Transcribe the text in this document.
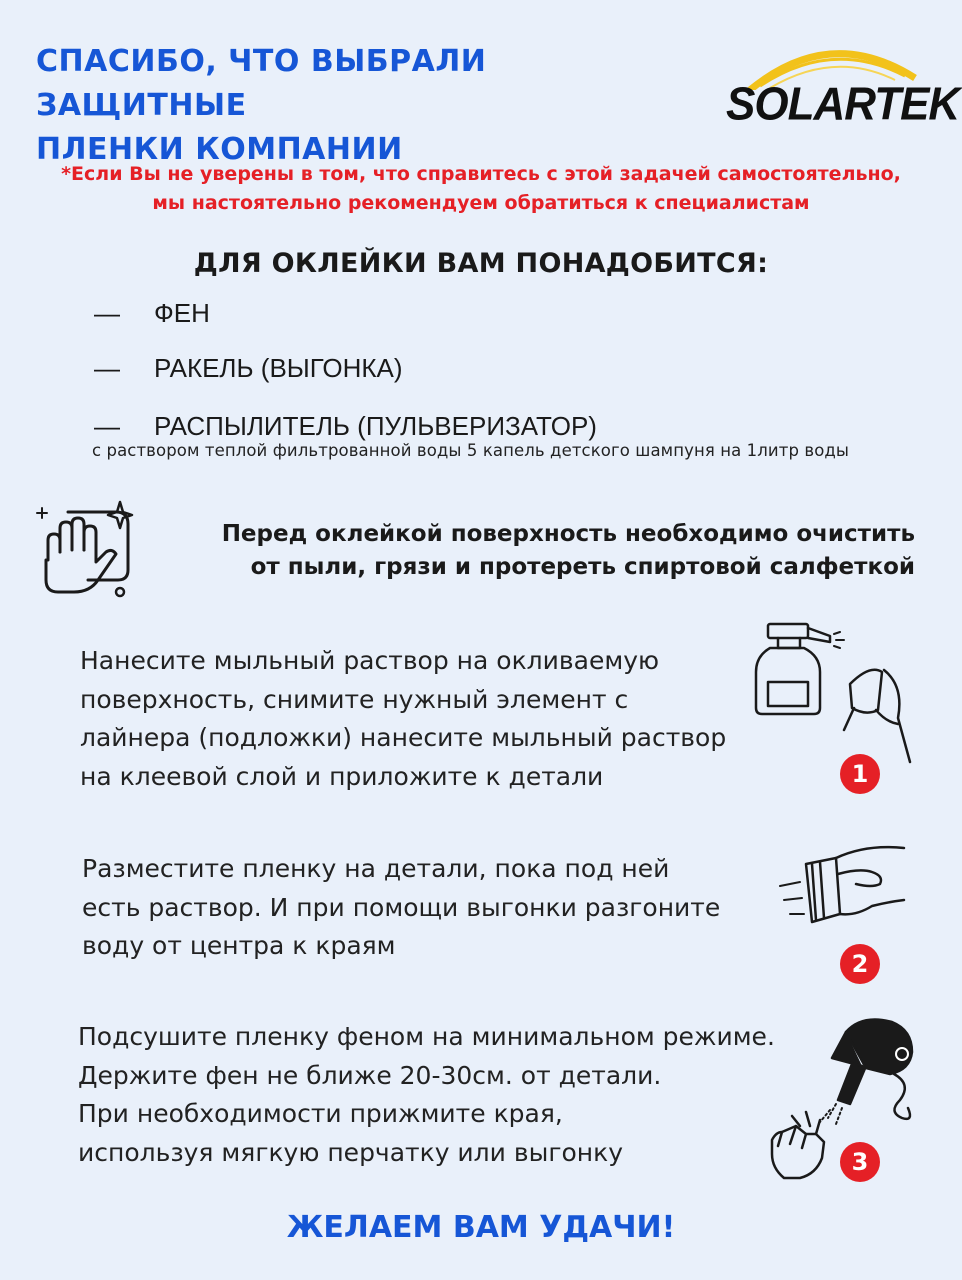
СПАСИБО, ЧТО ВЫБРАЛИ ЗАЩИТНЫЕ
ПЛЕНКИ КОМПАНИИ
SOLARTEK
*Если Вы не уверены в том, что справитесь с этой задачей самостоятельно,
мы настоятельно рекомендуем обратиться к специалистам
ДЛЯ ОКЛЕЙКИ ВАМ ПОНАДОБИТСЯ:
— ФЕН
— РАКЕЛЬ (ВЫГОНКА)
— РАСПЫЛИТЕЛЬ (ПУЛЬВЕРИЗАТОР)
с раствором теплой фильтрованной воды 5 капель детского шампуня на 1литр воды
Перед оклейкой поверхность необходимо очистить
от пыли, грязи и протереть спиртовой салфеткой
Нанесите мыльный раствор на окливаемую
поверхность, снимите нужный элемент с
лайнера (подложки) нанесите мыльный раствор
на клеевой слой и приложите к детали	1
Разместите пленку на детали, пока под ней
есть раствор. И при помощи выгонки разгоните
воду от центра к краям
2
Подсушите пленку феном на минимальном режиме.
Держите фен не ближе 20-30см. от детали.
При необходимости прижмите края,
используя мягкую перчатку или выгонку	3
ЖЕЛАЕМ ВАМ УДАЧИ!
